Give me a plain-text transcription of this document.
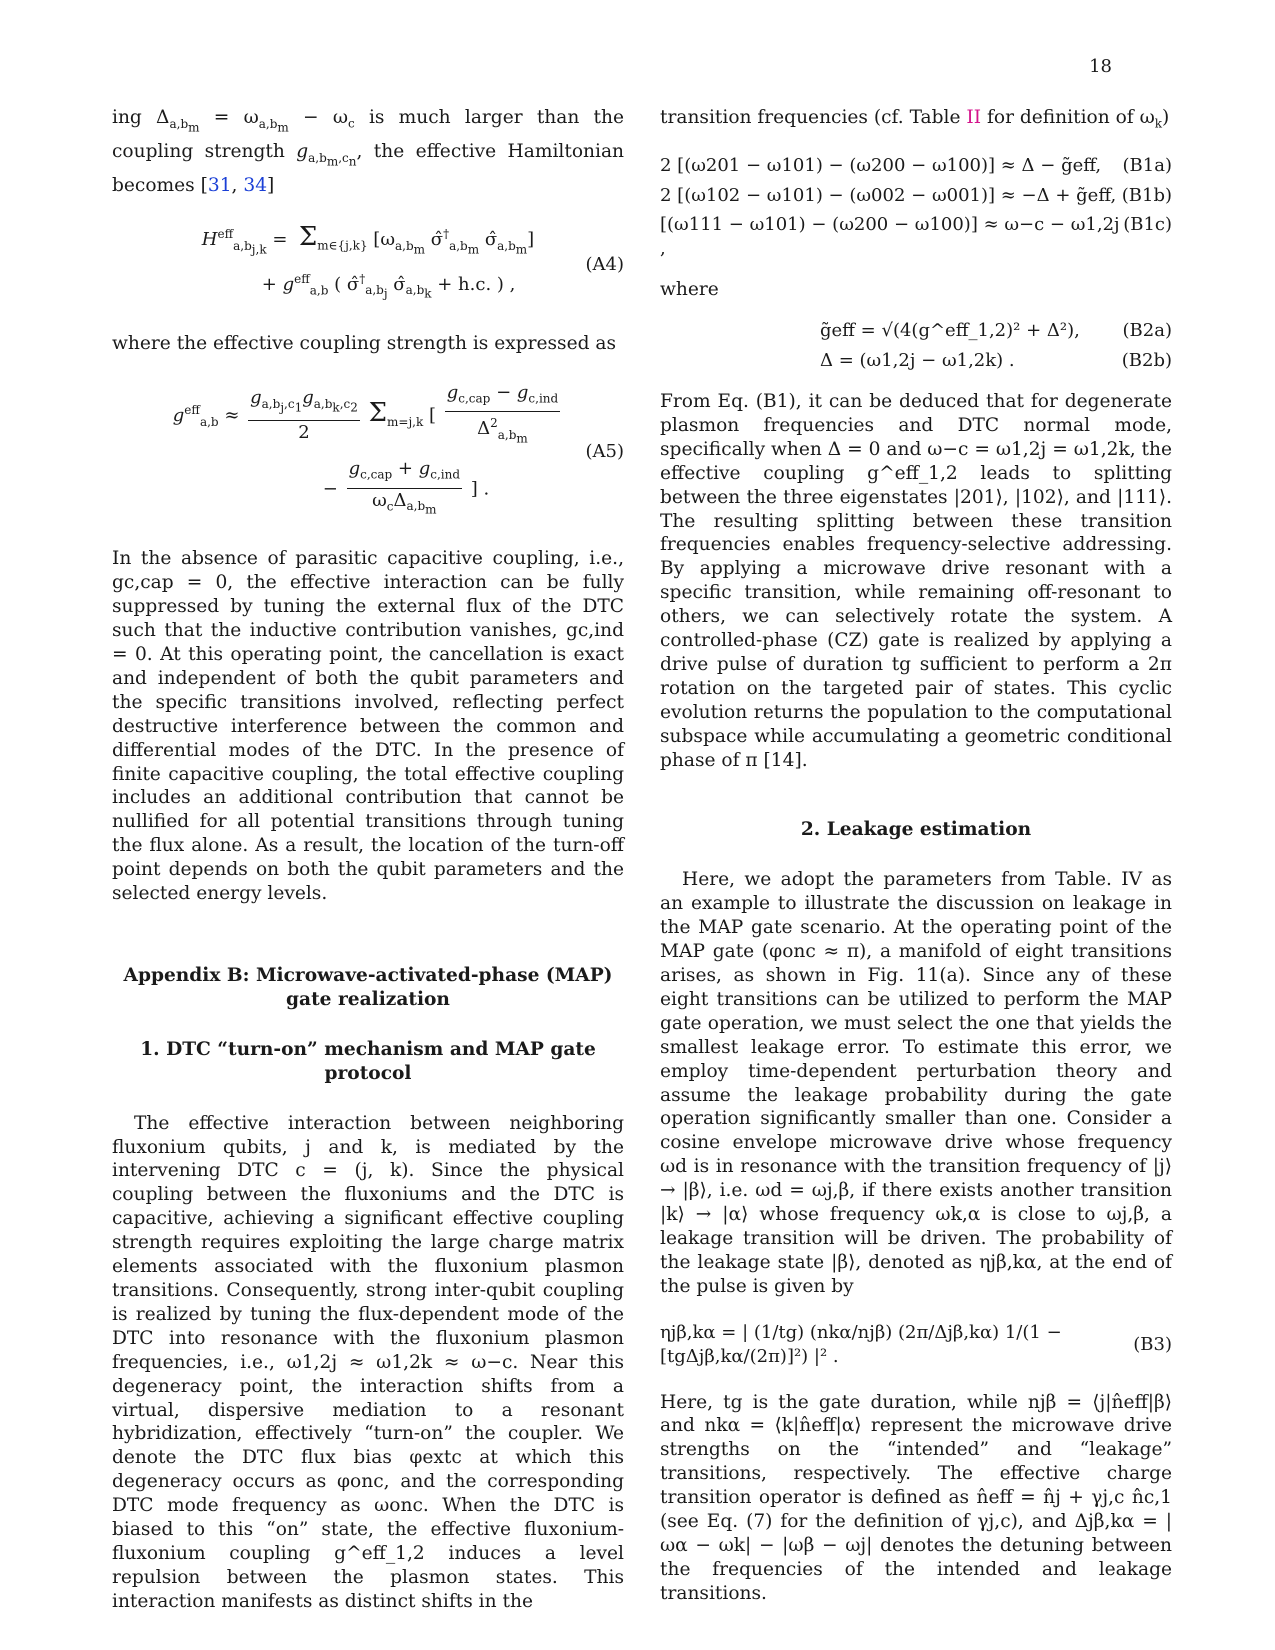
18

ing $\Delta_{a,b_m} = \omega_{a,b_m} - \omega_c$ is much larger than the coupling strength $g_{a,b_m,c_n}$, the effective Hamiltonian becomes [31, 34]

$H^{eff}_{a,b_{j,k}} = \Sigma_{m\in\{j,k\}}$ [$\omega_{a,b_m}$ $\sigmâ^\dagger_{a,b_m}$ $\sigmâ_{a,b_m}$]
+ $g^{eff}_{a,b}$ ( $\sigmâ^\dagger_{a,b_j}$ $\sigmâ_{a,b_k} + h.c$. ) ,
(A4)

where the effective coupling strength is expressed as

$g^{eff}_{a,b} \approx \frac{g_{a,b_j,c_1}g_{a,b_k,c_2}}{2} \Sigma_{m=j,k}$ [ $\frac{g_{c,cap} - g_{c,ind}}{\Delta^2_{a,b_m}}$
− $\frac{g_{c,cap} + g_{c,ind}}{\omega_c\Delta_{a,b_m}}$ ] .
(A5)

In the absence of parasitic capacitive coupling, i.e., gc,cap = 0, the effective interaction can be fully suppressed by tuning the external flux of the DTC such that the inductive contribution vanishes, gc,ind = 0. At this operating point, the cancellation is exact and independent of both the qubit parameters and the specific transitions involved, reflecting perfect destructive interference between the common and differential modes of the DTC. In the presence of finite capacitive coupling, the total effective coupling includes an additional contribution that cannot be nullified for all potential transitions through tuning the flux alone. As a result, the location of the turn-off point depends on both the qubit parameters and the selected energy levels.

Appendix B: Microwave-activated-phase (MAP) gate realization

1. DTC “turn-on” mechanism and MAP gate protocol

The effective interaction between neighboring fluxonium qubits, j and k, is mediated by the intervening DTC c = (j, k). Since the physical coupling between the fluxoniums and the DTC is capacitive, achieving a significant effective coupling strength requires exploiting the large charge matrix elements associated with the fluxonium plasmon transitions. Consequently, strong inter-qubit coupling is realized by tuning the flux-dependent mode of the DTC into resonance with the fluxonium plasmon frequencies, i.e., ω1,2j ≈ ω1,2k ≈ ω−c. Near this degeneracy point, the interaction shifts from a virtual, dispersive mediation to a resonant hybridization, effectively “turn-on” the coupler. We denote the DTC flux bias φextc at which this degeneracy occurs as φonc, and the corresponding DTC mode frequency as ωonc. When the DTC is biased to this “on” state, the effective fluxonium-fluxonium coupling g^eff_1,2 induces a level repulsion between the plasmon states. This interaction manifests as distinct shifts in the

transition frequencies (cf. Table II for definition of $\omega_k$)

2 [(ω201 − ω101) − (ω200 − ω100)] ≈ Δ − g̃eff, (B1a)
2 [(ω102 − ω101) − (ω002 − ω001)] ≈ −Δ + g̃eff, (B1b)
[(ω111 − ω101) − (ω200 − ω100)] ≈ ω−c − ω1,2j ,
(B1c)

where

g̃eff = √(4(g^eff_1,2)² + Δ²), (B2a)
Δ = (ω1,2j − ω1,2k) .	(B2b)

From Eq. (B1), it can be deduced that for degenerate plasmon frequencies and DTC normal mode, specifically when Δ = 0 and ω−c = ω1,2j = ω1,2k, the effective coupling g^eff_1,2 leads to splitting between the three eigenstates |201⟩, |102⟩, and |111⟩. The resulting splitting between these transition frequencies enables frequency-selective addressing. By applying a microwave drive resonant with a specific transition, while remaining off-resonant to others, we can selectively rotate the system. A controlled-phase (CZ) gate is realized by applying a drive pulse of duration tg sufficient to perform a 2π rotation on the targeted pair of states. This cyclic evolution returns the population to the computational subspace while accumulating a geometric conditional phase of π [14].

2. Leakage estimation

Here, we adopt the parameters from Table. IV as an example to illustrate the discussion on leakage in the MAP gate scenario. At the operating point of the MAP gate (φonc ≈ π), a manifold of eight transitions arises, as shown in Fig. 11(a). Since any of these eight transitions can be utilized to perform the MAP gate operation, we must select the one that yields the smallest leakage error. To estimate this error, we employ time-dependent perturbation theory and assume the leakage probability during the gate operation significantly smaller than one. Consider a cosine envelope microwave drive whose frequency ωd is in resonance with the transition frequency of |j⟩ → |β⟩, i.e. ωd = ωj,β, if there exists another transition |k⟩ → |α⟩ whose frequency ωk,α is close to ωj,β, a leakage transition will be driven. The probability of the leakage state |β⟩, denoted as ηjβ,kα, at the end of the pulse is given by

ηjβ,kα = | (1/tg) (nkα/njβ) (2π/Δjβ,kα) 1/(1 − [tgΔjβ,kα/(2π)]²) |² .
(B3)

Here, tg is the gate duration, while njβ = ⟨j|n̂eff|β⟩ and nkα = ⟨k|n̂eff|α⟩ represent the microwave drive strengths on the “intended” and “leakage” transitions, respectively. The effective charge transition operator is defined as n̂eff = n̂j + γj,c n̂c,1 (see Eq. (7) for the definition of γj,c), and Δjβ,kα = |ωα − ωk| − |ωβ − ωj| denotes the detuning between the frequencies of the intended and leakage transitions.
